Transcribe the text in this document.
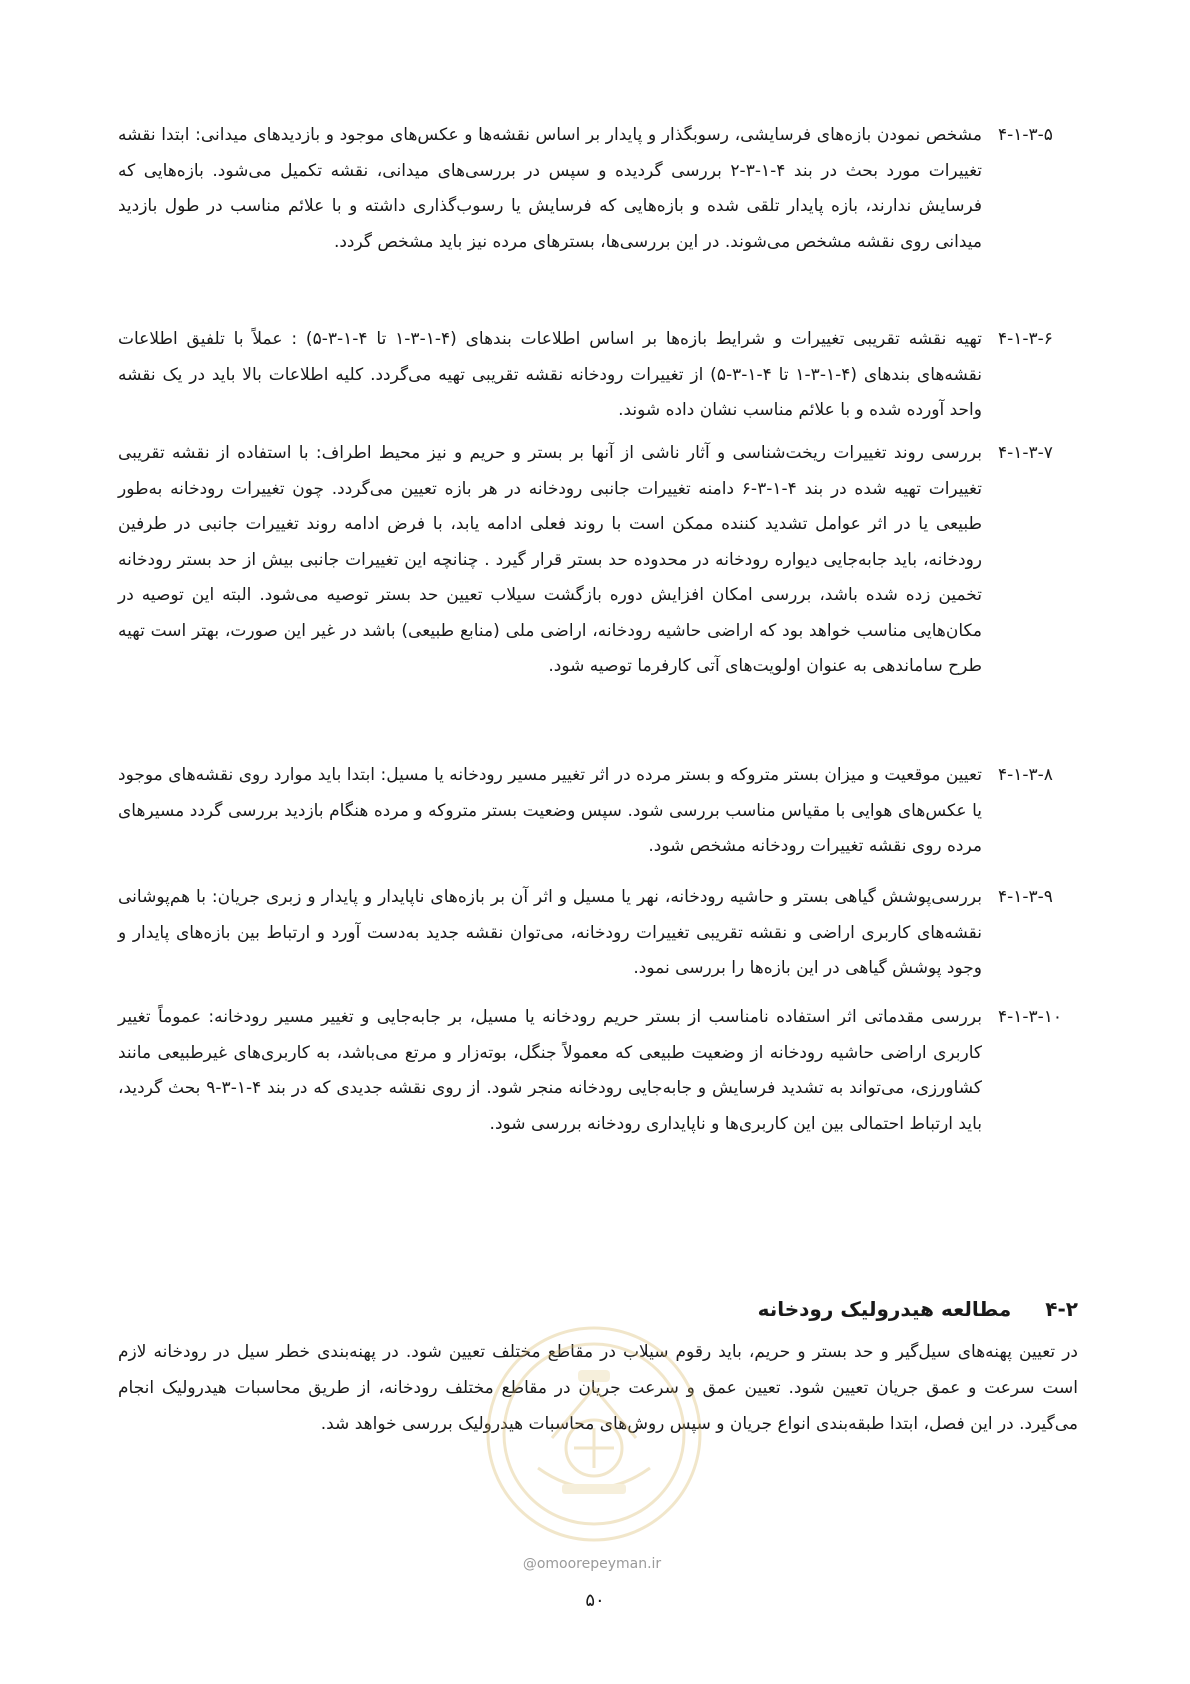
۴-۱-۳-۵
مشخص نمودن بازه‌های فرسایشی، رسوبگذار و پایدار بر اساس نقشه‌ها و عکس‌های موجود و بازدیدهای میدانی: ابتدا نقشه تغییرات مورد بحث در بند ۴-۱-۳-۲ بررسی گردیده و سپس در بررسی‌های میدانی، نقشه تکمیل می‌شود. بازه‌هایی که فرسایش ندارند، بازه پایدار تلقی شده و بازه‌هایی که فرسایش یا رسوب‌گذاری داشته و با علائم مناسب در طول بازدید میدانی روی نقشه مشخص می‌شوند. در این بررسی‌ها، بسترهای مرده نیز باید مشخص گردد.
۴-۱-۳-۶
تهیه نقشه تقریبی تغییرات و شرایط بازه‌ها بر اساس اطلاعات بندهای (۴-۱-۳-۱ تا ۴-۱-۳-۵) : عملاً با تلفیق اطلاعات نقشه‌های بندهای (۴-۱-۳-۱ تا ۴-۱-۳-۵) از تغییرات رودخانه نقشه تقریبی تهیه می‌گردد. کلیه اطلاعات بالا باید در یک نقشه واحد آورده شده و با علائم مناسب نشان داده شوند.
۴-۱-۳-۷
بررسی روند تغییرات ریخت‌شناسی و آثار ناشی از آنها بر بستر و حریم و نیز محیط اطراف: با استفاده از نقشه تقریبی تغییرات تهیه شده در بند ۴-۱-۳-۶ دامنه تغییرات جانبی رودخانه در هر بازه تعیین می‌گردد. چون تغییرات رودخانه به‌طور طبیعی یا در اثر عوامل تشدید کننده ممکن است با روند فعلی ادامه یابد، با فرض ادامه روند تغییرات جانبی در طرفین رودخانه، باید جابه‌جایی دیواره رودخانه در محدوده حد بستر قرار گیرد . چنانچه این تغییرات جانبی بیش از حد بستر رودخانه تخمین زده شده باشد، بررسی امکان افزایش دوره بازگشت سیلاب تعیین حد بستر توصیه می‌شود. البته این توصیه در مکان‌هایی مناسب خواهد بود که اراضی حاشیه رودخانه، اراضی ملی (منابع طبیعی) باشد در غیر این صورت، بهتر است تهیه طرح ساماندهی به عنوان اولویت‌های آتی کارفرما توصیه شود.
۴-۱-۳-۸
تعیین موقعیت و میزان بستر متروکه و بستر مرده در اثر تغییر مسیر رودخانه یا مسیل: ابتدا باید موارد روی نقشه‌های موجود یا عکس‌های هوایی با مقیاس مناسب بررسی شود. سپس وضعیت بستر متروکه و مرده هنگام بازدید بررسی گردد مسیرهای مرده روی نقشه تغییرات رودخانه مشخص شود.
۴-۱-۳-۹
بررسی‌پوشش گیاهی بستر و حاشیه رودخانه، نهر یا مسیل و اثر آن بر بازه‌های ناپایدار و پایدار و زبری جریان: با هم‌پوشانی نقشه‌های کاربری اراضی و نقشه تقریبی تغییرات رودخانه، می‌توان نقشه جدید به‌دست آورد و ارتباط بین بازه‌های پایدار و وجود پوشش گیاهی در این بازه‌ها را بررسی نمود.
۴-۱-۳-۱۰
بررسی مقدماتی اثر استفاده نامناسب از بستر حریم رودخانه یا مسیل، بر جابه‌جایی و تغییر مسیر رودخانه: عموماً تغییر کاربری اراضی حاشیه رودخانه از وضعیت طبیعی که معمولاً جنگل، بوته‌زار و مرتع می‌باشد، به کاربری‌های غیرطبیعی مانند کشاورزی، می‌تواند به تشدید فرسایش و جابه‌جایی رودخانه منجر شود. از روی نقشه جدیدی که در بند ۴-۱-۳-۹ بحث گردید، باید ارتباط احتمالی بین این کاربری‌ها و ناپایداری رودخانه بررسی شود.
۴-۲مطالعه هیدرولیک رودخانه
در تعیین پهنه‌های سیل‌گیر و حد بستر و حریم، باید رقوم سیلاب در مقاطع مختلف تعیین شود. در پهنه‌بندی خطر سیل در رودخانه لازم است سرعت و عمق جریان تعیین شود. تعیین عمق و سرعت جریان در مقاطع مختلف رودخانه، از طریق محاسبات هیدرولیک انجام می‌گیرد. در این فصل، ابتدا طبقه‌بندی انواع جریان و سپس روش‌های محاسبات هیدرولیک بررسی خواهد شد.
@omoorepeyman.ir
۵۰
